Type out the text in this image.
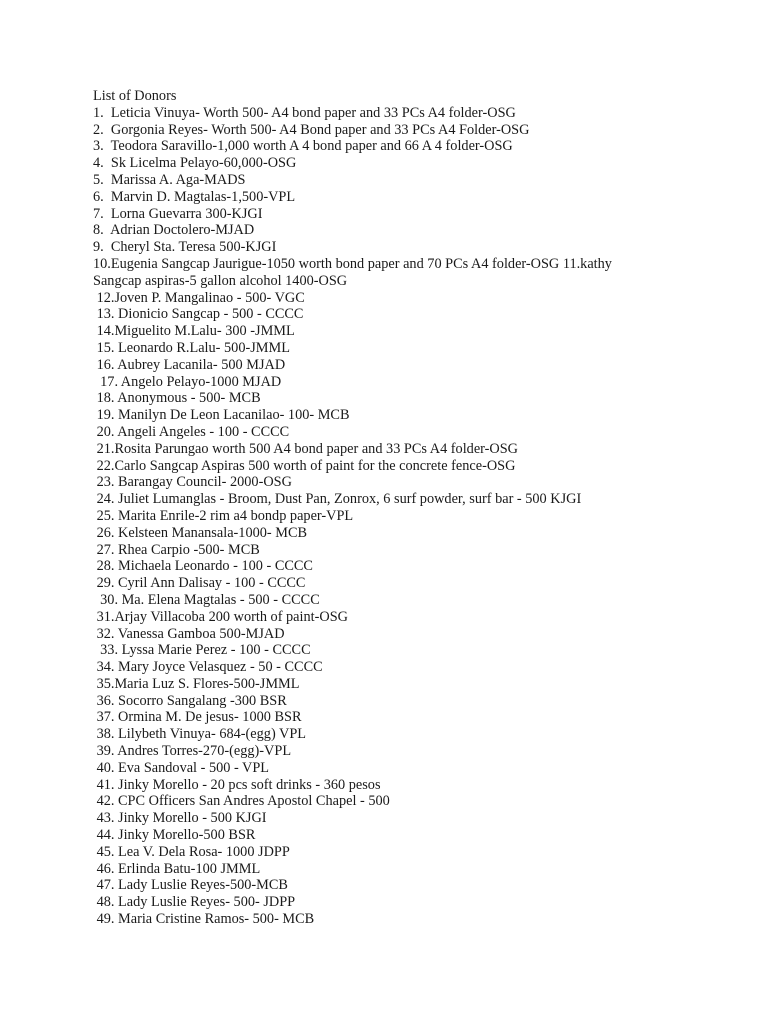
List of Donors
1.  Leticia Vinuya- Worth 500- A4 bond paper and 33 PCs A4 folder-OSG
2.  Gorgonia Reyes- Worth 500- A4 Bond paper and 33 PCs A4 Folder-OSG
3.  Teodora Saravillo-1,000 worth A 4 bond paper and 66 A 4 folder-OSG
4.  Sk Licelma Pelayo-60,000-OSG
5.  Marissa A. Aga-MADS
6.  Marvin D. Magtalas-1,500-VPL
7.  Lorna Guevarra 300-KJGI
8.  Adrian Doctolero-MJAD
9.  Cheryl Sta. Teresa 500-KJGI
10.Eugenia Sangcap Jaurigue-1050 worth bond paper and 70 PCs A4 folder-OSG 11.kathy
Sangcap aspiras-5 gallon alcohol 1400-OSG
12.Joven P. Mangalinao - 500- VGC
13. Dionicio Sangcap - 500 - CCCC
14.Miguelito M.Lalu- 300 -JMML
15. Leonardo R.Lalu- 500-JMML
16. Aubrey Lacanila- 500 MJAD
17. Angelo Pelayo-1000 MJAD
18. Anonymous - 500- MCB
19. Manilyn De Leon Lacanilao- 100- MCB
20. Angeli Angeles - 100 - CCCC
21.Rosita Parungao worth 500 A4 bond paper and 33 PCs A4 folder-OSG
22.Carlo Sangcap Aspiras 500 worth of paint for the concrete fence-OSG
23. Barangay Council- 2000-OSG
24. Juliet Lumanglas - Broom, Dust Pan, Zonrox, 6 surf powder, surf bar - 500 KJGI
25. Marita Enrile-2 rim a4 bondp paper-VPL
26. Kelsteen Manansala-1000- MCB
27. Rhea Carpio -500- MCB
28. Michaela Leonardo - 100 - CCCC
29. Cyril Ann Dalisay - 100 - CCCC
30. Ma. Elena Magtalas - 500 - CCCC
31.Arjay Villacoba 200 worth of paint-OSG
32. Vanessa Gamboa 500-MJAD
33. Lyssa Marie Perez - 100 - CCCC
34. Mary Joyce Velasquez - 50 - CCCC
35.Maria Luz S. Flores-500-JMML
36. Socorro Sangalang -300 BSR
37. Ormina M. De jesus- 1000 BSR
38. Lilybeth Vinuya- 684-(egg) VPL
39. Andres Torres-270-(egg)-VPL
40. Eva Sandoval - 500 - VPL
41. Jinky Morello - 20 pcs soft drinks - 360 pesos
42. CPC Officers San Andres Apostol Chapel - 500
43. Jinky Morello - 500 KJGI
44. Jinky Morello-500 BSR
45. Lea V. Dela Rosa- 1000 JDPP
46. Erlinda Batu-100 JMML
47. Lady Luslie Reyes-500-MCB
48. Lady Luslie Reyes- 500- JDPP
49. Maria Cristine Ramos- 500- MCB
